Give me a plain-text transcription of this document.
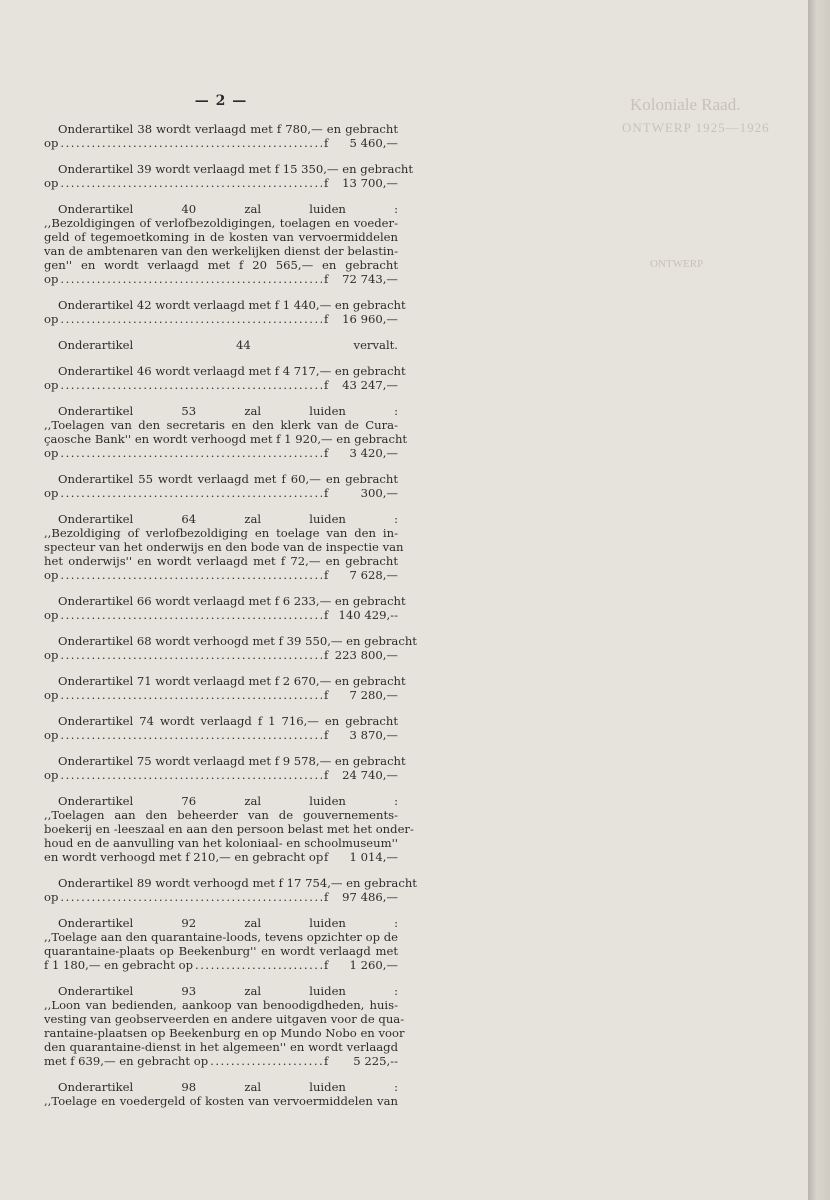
Koloniale Raad.
ONTWERP 1925—1926
ONTWERP
— 2 —
Onderartikel 38 wordt verlaagd met f 780,— en gebracht
op .....	f 5 460,—
Onderartikel 39 wordt verlaagd met f 15 350,— en gebracht
op .....	f 13 700,—
Onderartikel 40 zal luiden :
,,Bezoldigingen of verlofbezoldigingen, toelagen en voeder-
geld of tegemoetkoming in de kosten van vervoermiddelen
van de ambtenaren van den werkelijken dienst der belastin-
gen'' en wordt verlaagd met f 20 565,— en gebracht
op .....	f 72 743,—
Onderartikel 42 wordt verlaagd met f 1 440,— en gebracht
op .....	f 16 960,—
Onderartikel 44 vervalt.
Onderartikel 46 wordt verlaagd met f 4 717,— en gebracht
op .....	f 43 247,—
Onderartikel 53 zal luiden :
,,Toelagen van den secretaris en den klerk van de Cura-
çaosche Bank'' en wordt verhoogd met f 1 920,— en gebracht
op .....	f 3 420,—
Onderartikel 55 wordt verlaagd met f 60,— en gebracht
op .....	f	300,—
Onderartikel 64 zal luiden :
,,Bezoldiging of verlofbezoldiging en toelage van den in-
specteur van het onderwijs en den bode van de inspectie van
het onderwijs'' en wordt verlaagd met f 72,— en gebracht
op .....	f 7 628,—
Onderartikel 66 wordt verlaagd met f 6 233,— en gebracht
op .....	f 140 429,--
Onderartikel 68 wordt verhoogd met f 39 550,— en gebracht
op .....	f 223 800,—
Onderartikel 71 wordt verlaagd met f 2 670,— en gebracht
op .....	f 7 280,—
Onderartikel 74 wordt verlaagd f 1 716,— en gebracht
op .....	f 3 870,—
Onderartikel 75 wordt verlaagd met f 9 578,— en gebracht
op .....	f 24 740,—
Onderartikel 76 zal luiden :
,,Toelagen aan den beheerder van de gouvernements-
boekerij en -leeszaal en aan den persoon belast met het onder-
houd en de aanvulling van het koloniaal- en schoolmuseum''
en wordt verhoogd met f 210,— en gebracht op f 1 014,—
Onderartikel 89 wordt verhoogd met f 17 754,— en gebracht
op .....	f 97 486,—
Onderartikel 92 zal luiden :
,,Toelage aan den quarantaine-loods, tevens opzichter op de
quarantaine-plaats op Beekenburg'' en wordt verlaagd met
f 1 180,— en gebracht op .....	f 1 260,—
Onderartikel 93 zal luiden :
,,Loon van bedienden, aankoop van benoodigdheden, huis-
vesting van geobserveerden en andere uitgaven voor de qua-
rantaine-plaatsen op Beekenburg en op Mundo Nobo en voor
den quarantaine-dienst in het algemeen'' en wordt verlaagd
met f 639,— en gebracht op .....	f 5 225,--
Onderartikel 98 zal luiden :
,,Toelage en voedergeld of kosten van vervoermiddelen van
